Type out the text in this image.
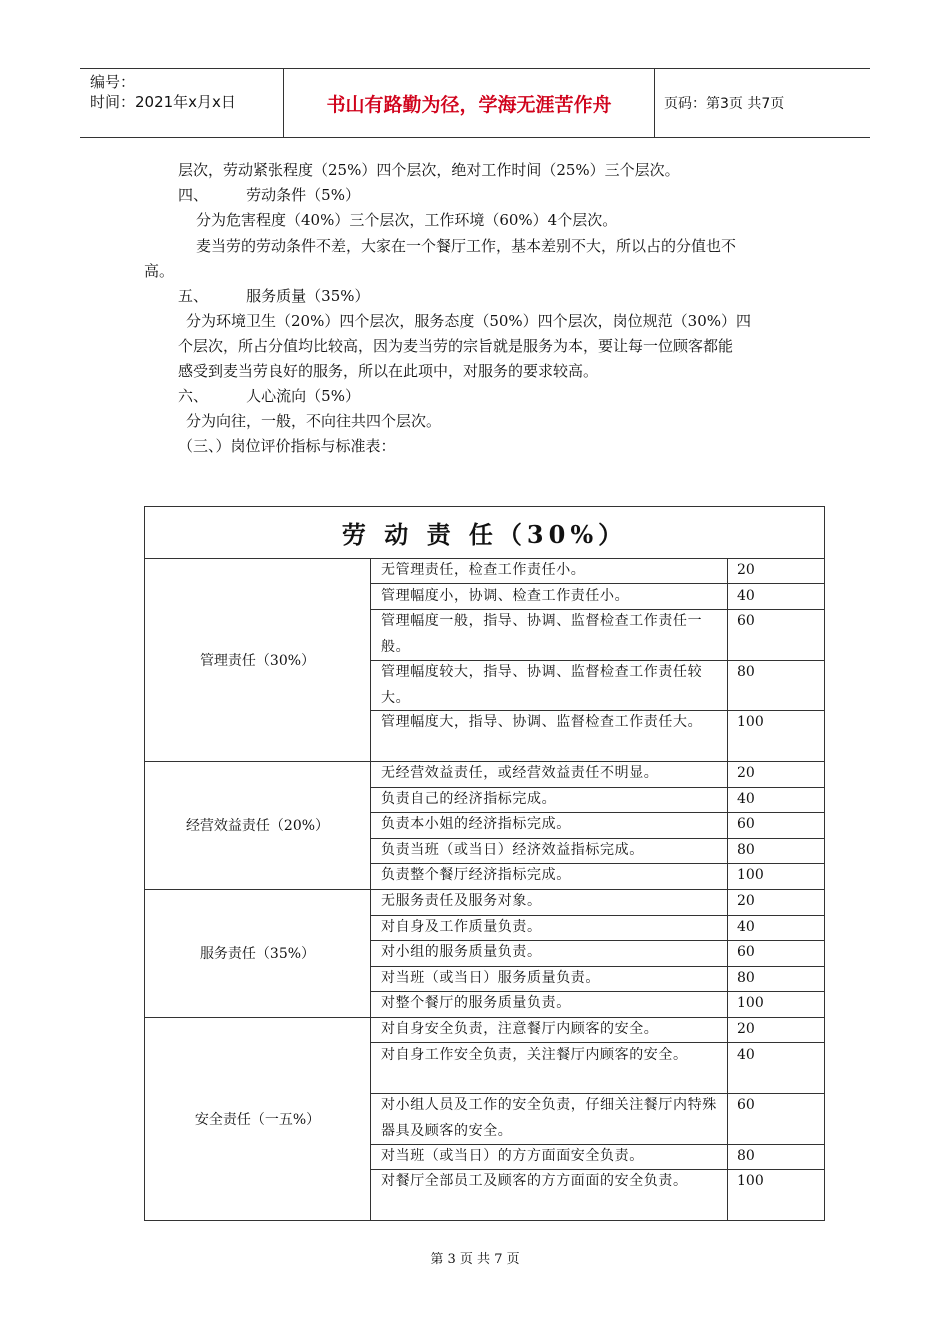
编号：
时间：2021年x月x日	书山有路勤为径，学海无涯苦作舟	页码：第3页 共7页
层次，劳动紧张程度（25%）四个层次，绝对工作时间（25%）三个层次。
四、        劳动条件（5%）
分为危害程度（40%）三个层次，工作环境（60%）4个层次。
麦当劳的劳动条件不差，大家在一个餐厅工作，基本差别不大，所以占的分值也不
高。
五、        服务质量（35%）
分为环境卫生（20%）四个层次，服务态度（50%）四个层次，岗位规范（30%）四
个层次，所占分值均比较高，因为麦当劳的宗旨就是服务为本，要让每一位顾客都能
感受到麦当劳良好的服务，所以在此项中，对服务的要求较高。
六、        人心流向（5%）
分为向往，一般，不向往共四个层次。
（三、）岗位评价指标与标准表：
劳 动 责 任（30%）
管理责任（30%）
无管理责任，检查工作责任小。	20
管理幅度小，协调、检查工作责任小。	40
管理幅度一般，指导、协调、监督检查工作责任一般。
60
管理幅度较大，指导、协调、监督检查工作责任较大。
80
管理幅度大，指导、协调、监督检查工作责任大。	100
经营效益责任（20%）
无经营效益责任，或经营效益责任不明显。	20
负责自己的经济指标完成。	40
负责本小姐的经济指标完成。	60
负责当班（或当日）经济效益指标完成。	80
负责整个餐厅经济指标完成。	100
服务责任（35%）
无服务责任及服务对象。	20
对自身及工作质量负责。	40
对小组的服务质量负责。	60
对当班（或当日）服务质量负责。	80
对整个餐厅的服务质量负责。	100
安全责任（一五%）
对自身安全负责，注意餐厅内顾客的安全。	20
对自身工作安全负责，关注餐厅内顾客的安全。	40
对小组人员及工作的安全负责，仔细关注餐厅内特殊器具及顾客的安全。
60
对当班（或当日）的方方面面安全负责。	80
对餐厅全部员工及顾客的方方面面的安全负责。	100
第 3 页 共 7 页
